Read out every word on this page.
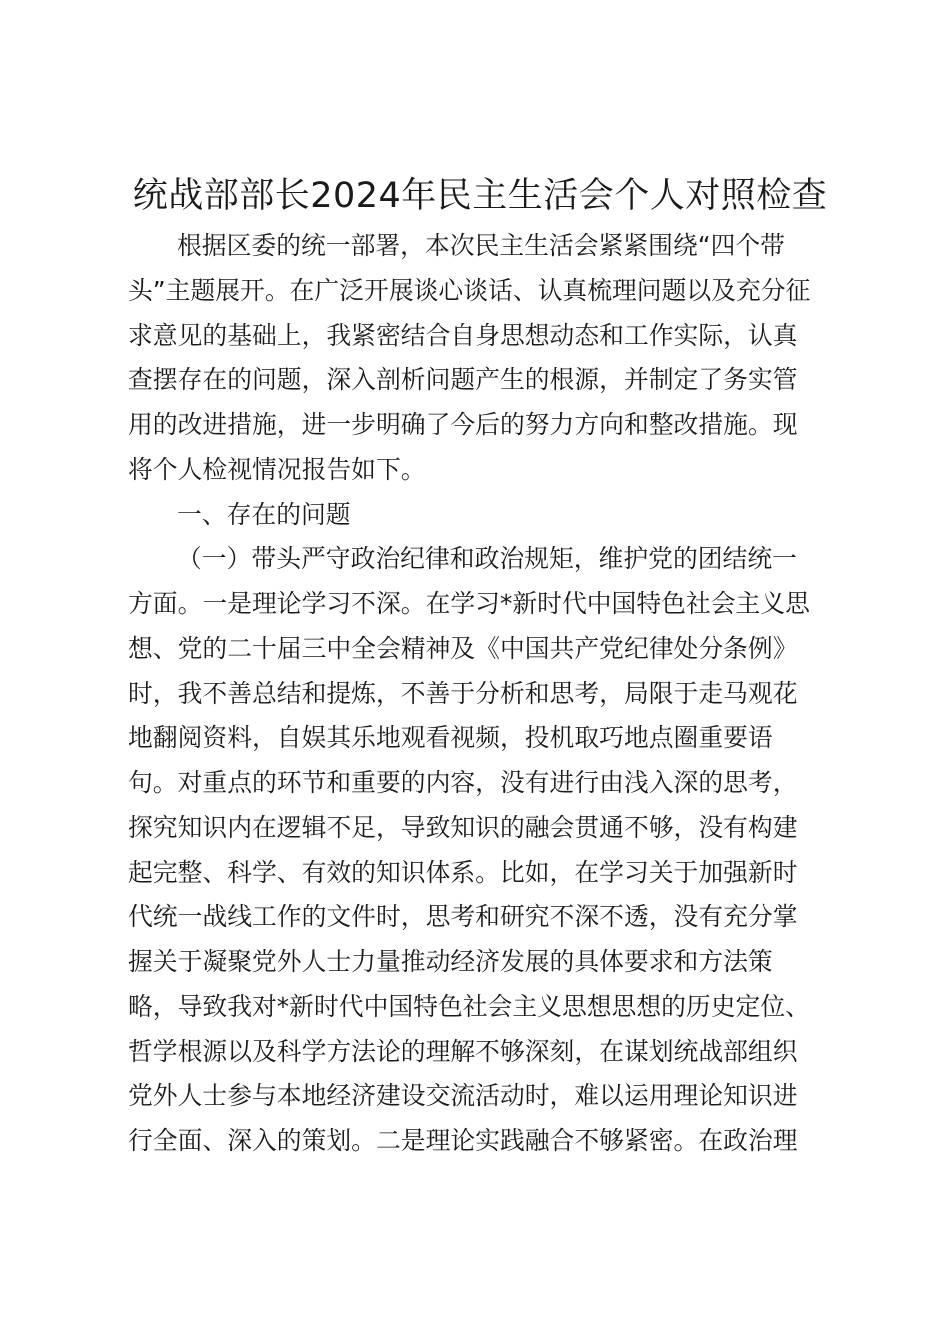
统战部部长2024年民主生活会个人对照检查
根据区委的统一部署，本次民主生活会紧紧围绕“四个带
头”主题展开。在广泛开展谈心谈话、认真梳理问题以及充分征
求意见的基础上，我紧密结合自身思想动态和工作实际，认真
查摆存在的问题，深入剖析问题产生的根源，并制定了务实管
用的改进措施，进一步明确了今后的努力方向和整改措施。现
将个人检视情况报告如下。
一、存在的问题
（一）带头严守政治纪律和政治规矩，维护党的团结统一
方面。一是理论学习不深。在学习*新时代中国特色社会主义思
想、党的二十届三中全会精神及《中国共产党纪律处分条例》
时，我不善总结和提炼，不善于分析和思考，局限于走马观花
地翻阅资料，自娱其乐地观看视频，投机取巧地点圈重要语
句。对重点的环节和重要的内容，没有进行由浅入深的思考，
探究知识内在逻辑不足，导致知识的融会贯通不够，没有构建
起完整、科学、有效的知识体系。比如，在学习关于加强新时
代统一战线工作的文件时，思考和研究不深不透，没有充分掌
握关于凝聚党外人士力量推动经济发展的具体要求和方法策
略，导致我对*新时代中国特色社会主义思想思想的历史定位、
哲学根源以及科学方法论的理解不够深刻，在谋划统战部组织
党外人士参与本地经济建设交流活动时，难以运用理论知识进
行全面、深入的策划。二是理论实践融合不够紧密。在政治理
